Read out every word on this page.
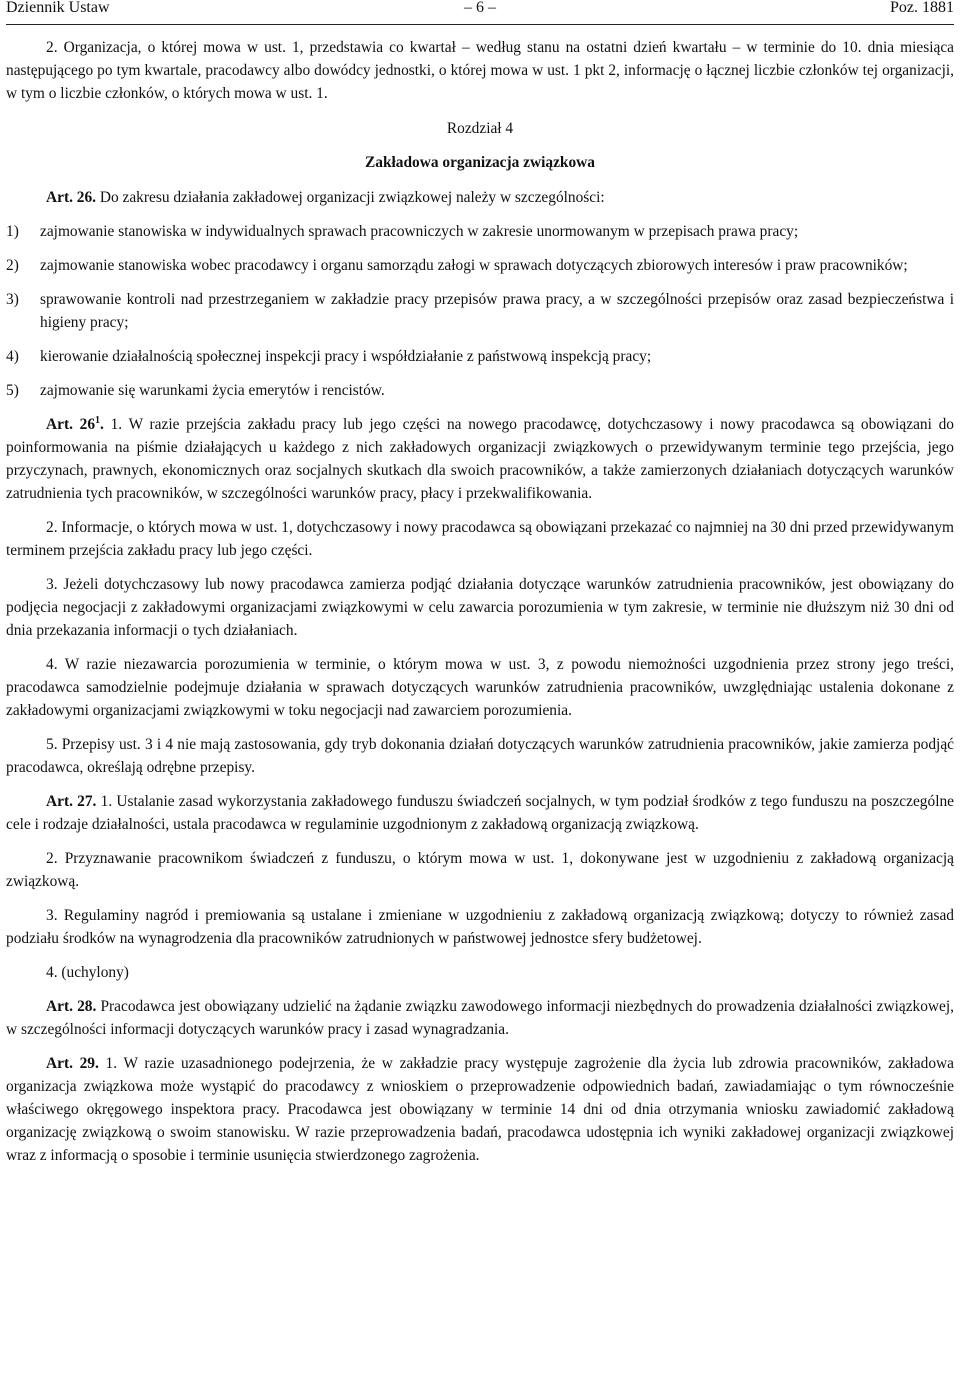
Dziennik Ustaw	– 6 –	Poz. 1881

2. Organizacja, o której mowa w ust. 1, przedstawia co kwartał – według stanu na ostatni dzień kwartału – w terminie do 10. dnia miesiąca następującego po tym kwartale, pracodawcy albo dowódcy jednostki, o której mowa w ust. 1 pkt 2, informację o łącznej liczbie członków tej organizacji, w tym o liczbie członków, o których mowa w ust. 1.

Rozdział 4

Zakładowa organizacja związkowa

Art. 26. Do zakresu działania zakładowej organizacji związkowej należy w szczególności:

1)	zajmowanie stanowiska w indywidualnych sprawach pracowniczych w zakresie unormowanym w przepisach prawa pracy;
2)	zajmowanie stanowiska wobec pracodawcy i organu samorządu załogi w sprawach dotyczących zbiorowych interesów i praw pracowników;
3)	sprawowanie kontroli nad przestrzeganiem w zakładzie pracy przepisów prawa pracy, a w szczególności przepisów oraz zasad bezpieczeństwa i higieny pracy;
4)	kierowanie działalnością społecznej inspekcji pracy i współdziałanie z państwową inspekcją pracy;
5)	zajmowanie się warunkami życia emerytów i rencistów.

Art. $26^1$. 1. W razie przejścia zakładu pracy lub jego części na nowego pracodawcę, dotychczasowy i nowy pracodawca są obowiązani do poinformowania na piśmie działających u każdego z nich zakładowych organizacji związkowych o przewidywanym terminie tego przejścia, jego przyczynach, prawnych, ekonomicznych oraz socjalnych skutkach dla swoich pracowników, a także zamierzonych działaniach dotyczących warunków zatrudnienia tych pracowników, w szczególności warunków pracy, płacy i przekwalifikowania.

2. Informacje, o których mowa w ust. 1, dotychczasowy i nowy pracodawca są obowiązani przekazać co najmniej na 30 dni przed przewidywanym terminem przejścia zakładu pracy lub jego części.

3. Jeżeli dotychczasowy lub nowy pracodawca zamierza podjąć działania dotyczące warunków zatrudnienia pracowników, jest obowiązany do podjęcia negocjacji z zakładowymi organizacjami związkowymi w celu zawarcia porozumienia w tym zakresie, w terminie nie dłuższym niż 30 dni od dnia przekazania informacji o tych działaniach.

4. W razie niezawarcia porozumienia w terminie, o którym mowa w ust. 3, z powodu niemożności uzgodnienia przez strony jego treści, pracodawca samodzielnie podejmuje działania w sprawach dotyczących warunków zatrudnienia pracowników, uwzględniając ustalenia dokonane z zakładowymi organizacjami związkowymi w toku negocjacji nad zawarciem porozumienia.

5. Przepisy ust. 3 i 4 nie mają zastosowania, gdy tryb dokonania działań dotyczących warunków zatrudnienia pracowników, jakie zamierza podjąć pracodawca, określają odrębne przepisy.

Art. 27. 1. Ustalanie zasad wykorzystania zakładowego funduszu świadczeń socjalnych, w tym podział środków z tego funduszu na poszczególne cele i rodzaje działalności, ustala pracodawca w regulaminie uzgodnionym z zakładową organizacją związkową.

2. Przyznawanie pracownikom świadczeń z funduszu, o którym mowa w ust. 1, dokonywane jest w uzgodnieniu z zakładową organizacją związkową.

3. Regulaminy nagród i premiowania są ustalane i zmieniane w uzgodnieniu z zakładową organizacją związkową; dotyczy to również zasad podziału środków na wynagrodzenia dla pracowników zatrudnionych w państwowej jednostce sfery budżetowej.

4. (uchylony)

Art. 28. Pracodawca jest obowiązany udzielić na żądanie związku zawodowego informacji niezbędnych do prowadzenia działalności związkowej, w szczególności informacji dotyczących warunków pracy i zasad wynagradzania.

Art. 29. 1. W razie uzasadnionego podejrzenia, że w zakładzie pracy występuje zagrożenie dla życia lub zdrowia pracowników, zakładowa organizacja związkowa może wystąpić do pracodawcy z wnioskiem o przeprowadzenie odpowiednich badań, zawiadamiając o tym równocześnie właściwego okręgowego inspektora pracy. Pracodawca jest obowiązany w terminie 14 dni od dnia otrzymania wniosku zawiadomić zakładową organizację związkową o swoim stanowisku. W razie przeprowadzenia badań, pracodawca udostępnia ich wyniki zakładowej organizacji związkowej wraz z informacją o sposobie i terminie usunięcia stwierdzonego zagrożenia.
